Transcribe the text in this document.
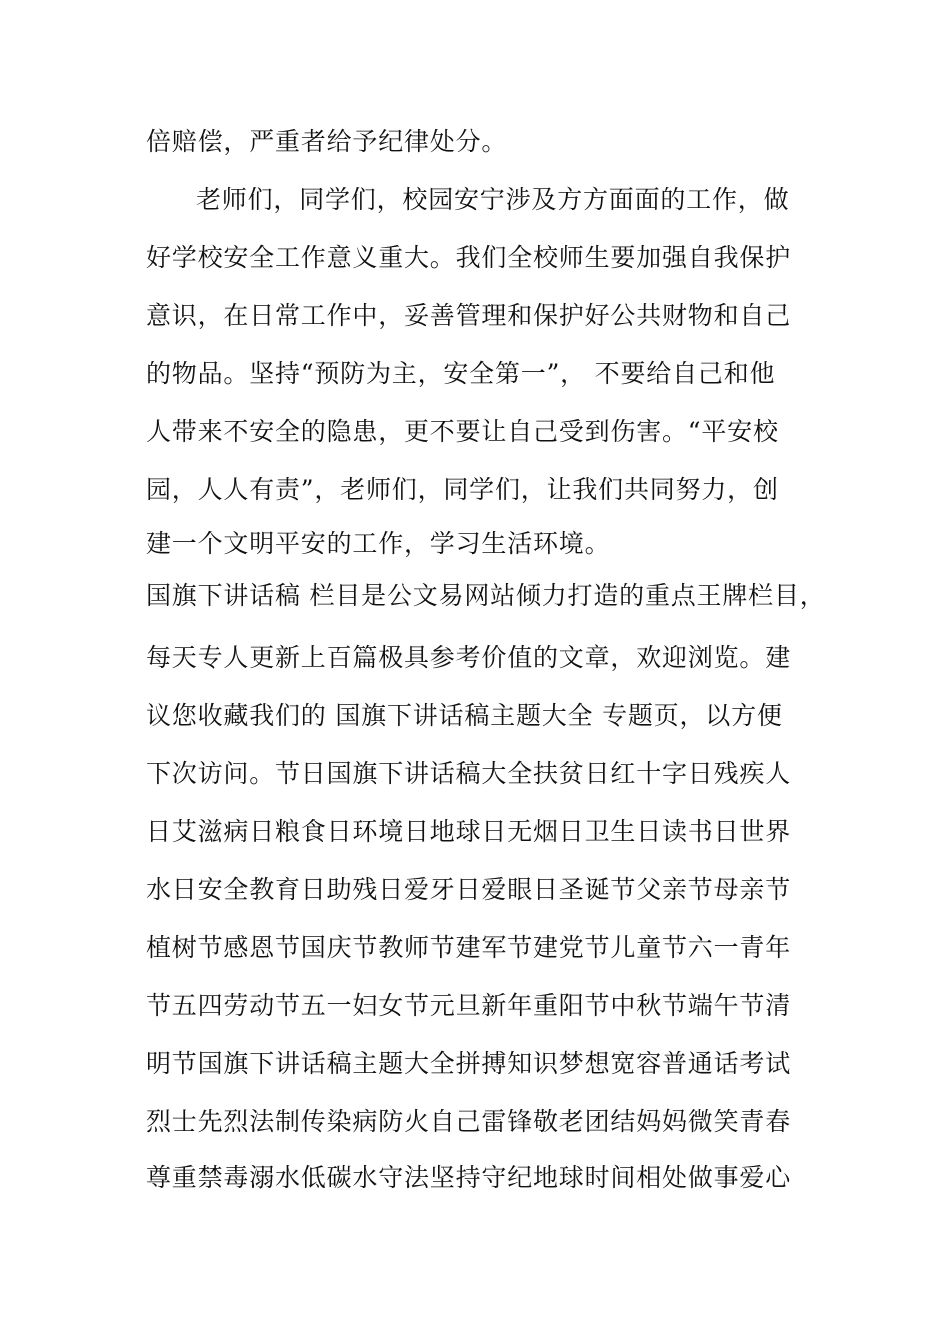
倍赔偿，严重者给予纪律处分。
老师们，同学们，校园安宁涉及方方面面的工作，做
好学校安全工作意义重大。我们全校师生要加强自我保护
意识，在日常工作中，妥善管理和保护好公共财物和自己
的物品。坚持“预防为主，安全第一”， 不要给自己和他
人带来不安全的隐患，更不要让自己受到伤害。“平安校
园，人人有责”，老师们，同学们，让我们共同努力，创
建一个文明平安的工作，学习生活环境。
国旗下讲话稿 栏目是公文易网站倾力打造的重点王牌栏目，
每天专人更新上百篇极具参考价值的文章，欢迎浏览。建
议您收藏我们的 国旗下讲话稿主题大全 专题页，以方便
下次访问。节日国旗下讲话稿大全扶贫日红十字日残疾人
日艾滋病日粮食日环境日地球日无烟日卫生日读书日世界
水日安全教育日助残日爱牙日爱眼日圣诞节父亲节母亲节
植树节感恩节国庆节教师节建军节建党节儿童节六一青年
节五四劳动节五一妇女节元旦新年重阳节中秋节端午节清
明节国旗下讲话稿主题大全拼搏知识梦想宽容普通话考试
烈士先烈法制传染病防火自己雷锋敬老团结妈妈微笑青春
尊重禁毒溺水低碳水守法坚持守纪地球时间相处做事爱心
